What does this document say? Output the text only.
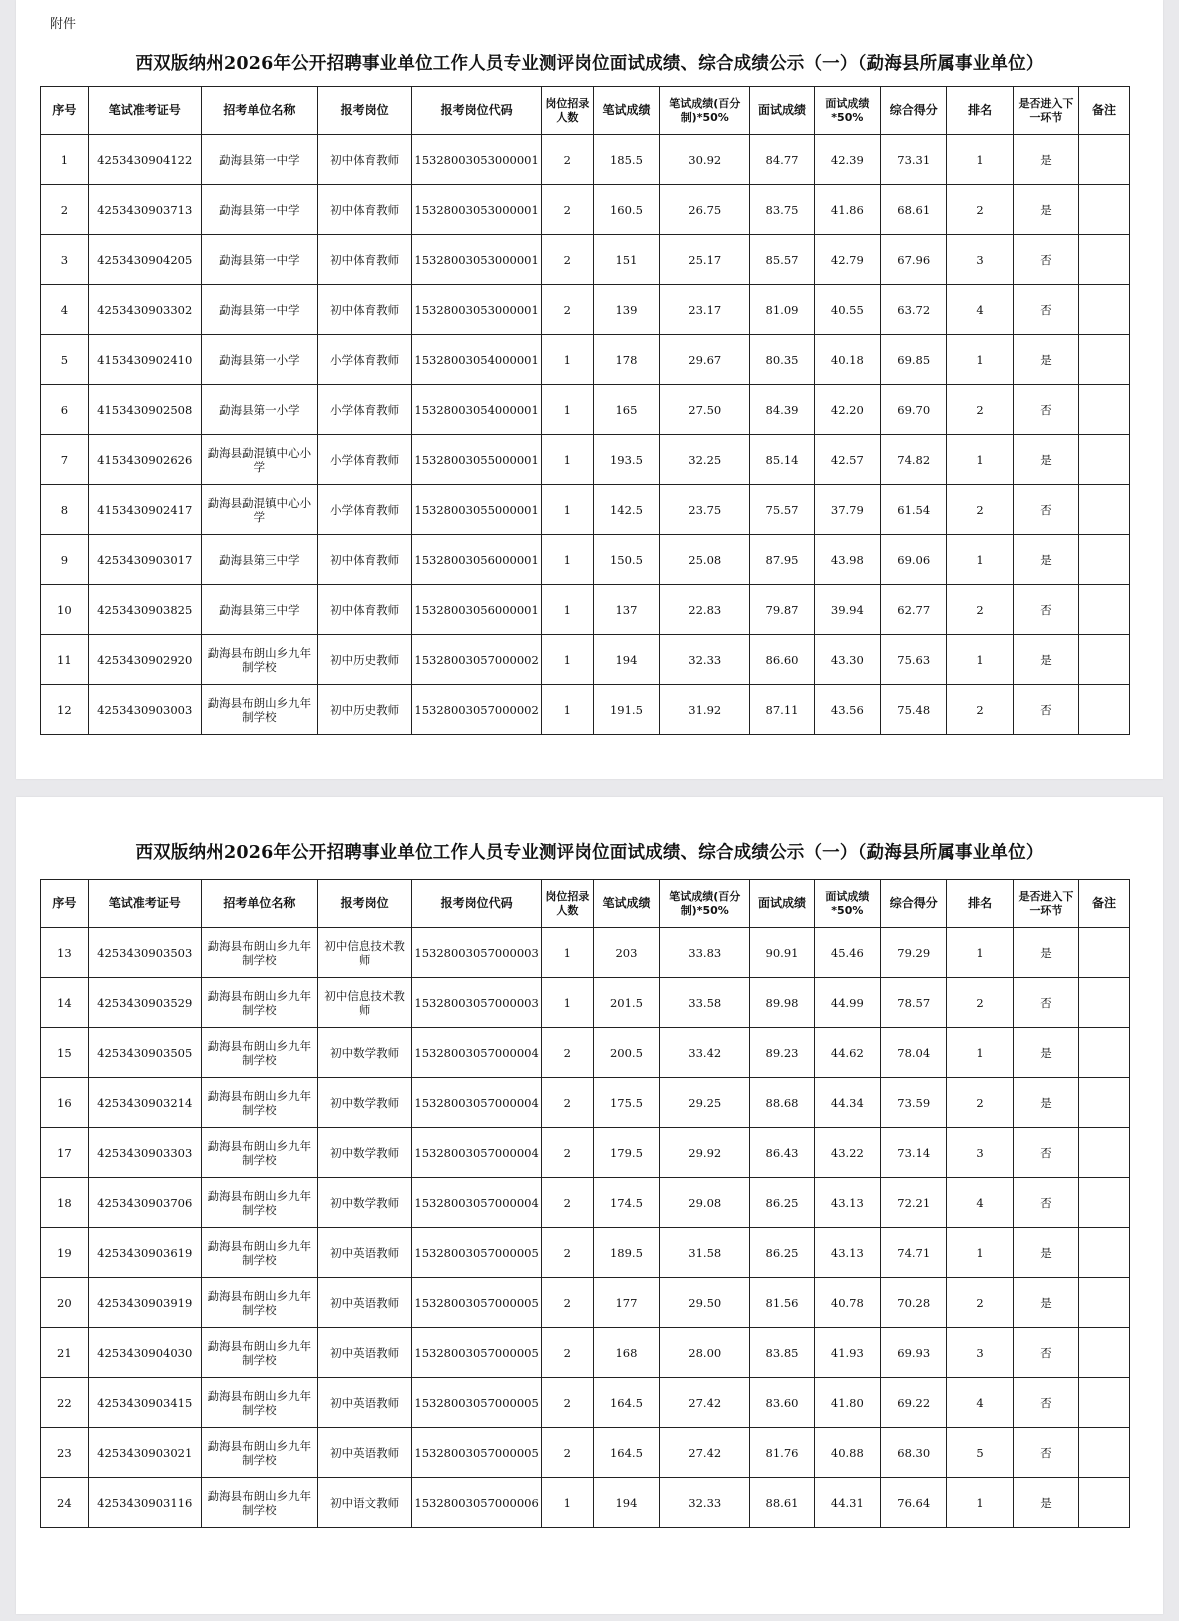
附件
西双版纳州2026年公开招聘事业单位工作人员专业测评岗位面试成绩、综合成绩公示（一）（勐海县所属事业单位）
序号	笔试准考证号	招考单位名称	报考岗位	报考岗位代码	岗位招录人数	笔试成绩	笔试成绩(百分制)*50%	面试成绩	面试成绩*50%	综合得分	排名	是否进入下一环节	备注
1	4253430904122	勐海县第一中学	初中体育教师	15328003053000001	2	185.5	30.92	84.77	42.39	73.31	1	是	
2	4253430903713	勐海县第一中学	初中体育教师	15328003053000001	2	160.5	26.75	83.75	41.86	68.61	2	是	
3	4253430904205	勐海县第一中学	初中体育教师	15328003053000001	2	151	25.17	85.57	42.79	67.96	3	否	
4	4253430903302	勐海县第一中学	初中体育教师	15328003053000001	2	139	23.17	81.09	40.55	63.72	4	否	
5	4153430902410	勐海县第一小学	小学体育教师	15328003054000001	1	178	29.67	80.35	40.18	69.85	1	是	
6	4153430902508	勐海县第一小学	小学体育教师	15328003054000001	1	165	27.50	84.39	42.20	69.70	2	否	
7	4153430902626	勐海县勐混镇中心小学	小学体育教师	15328003055000001	1	193.5	32.25	85.14	42.57	74.82	1	是	
8	4153430902417	勐海县勐混镇中心小学	小学体育教师	15328003055000001	1	142.5	23.75	75.57	37.79	61.54	2	否	
9	4253430903017	勐海县第三中学	初中体育教师	15328003056000001	1	150.5	25.08	87.95	43.98	69.06	1	是	
10	4253430903825	勐海县第三中学	初中体育教师	15328003056000001	1	137	22.83	79.87	39.94	62.77	2	否	
11	4253430902920	勐海县布朗山乡九年制学校	初中历史教师	15328003057000002	1	194	32.33	86.60	43.30	75.63	1	是	
12	4253430903003	勐海县布朗山乡九年制学校	初中历史教师	15328003057000002	1	191.5	31.92	87.11	43.56	75.48	2	否	
西双版纳州2026年公开招聘事业单位工作人员专业测评岗位面试成绩、综合成绩公示（一）（勐海县所属事业单位）
序号	笔试准考证号	招考单位名称	报考岗位	报考岗位代码	岗位招录人数	笔试成绩	笔试成绩(百分制)*50%	面试成绩	面试成绩*50%	综合得分	排名	是否进入下一环节	备注
13	4253430903503	勐海县布朗山乡九年制学校	初中信息技术教师	15328003057000003	1	203	33.83	90.91	45.46	79.29	1	是	
14	4253430903529	勐海县布朗山乡九年制学校	初中信息技术教师	15328003057000003	1	201.5	33.58	89.98	44.99	78.57	2	否	
15	4253430903505	勐海县布朗山乡九年制学校	初中数学教师	15328003057000004	2	200.5	33.42	89.23	44.62	78.04	1	是	
16	4253430903214	勐海县布朗山乡九年制学校	初中数学教师	15328003057000004	2	175.5	29.25	88.68	44.34	73.59	2	是	
17	4253430903303	勐海县布朗山乡九年制学校	初中数学教师	15328003057000004	2	179.5	29.92	86.43	43.22	73.14	3	否	
18	4253430903706	勐海县布朗山乡九年制学校	初中数学教师	15328003057000004	2	174.5	29.08	86.25	43.13	72.21	4	否	
19	4253430903619	勐海县布朗山乡九年制学校	初中英语教师	15328003057000005	2	189.5	31.58	86.25	43.13	74.71	1	是	
20	4253430903919	勐海县布朗山乡九年制学校	初中英语教师	15328003057000005	2	177	29.50	81.56	40.78	70.28	2	是	
21	4253430904030	勐海县布朗山乡九年制学校	初中英语教师	15328003057000005	2	168	28.00	83.85	41.93	69.93	3	否	
22	4253430903415	勐海县布朗山乡九年制学校	初中英语教师	15328003057000005	2	164.5	27.42	83.60	41.80	69.22	4	否	
23	4253430903021	勐海县布朗山乡九年制学校	初中英语教师	15328003057000005	2	164.5	27.42	81.76	40.88	68.30	5	否	
24	4253430903116	勐海县布朗山乡九年制学校	初中语文教师	15328003057000006	1	194	32.33	88.61	44.31	76.64	1	是	
